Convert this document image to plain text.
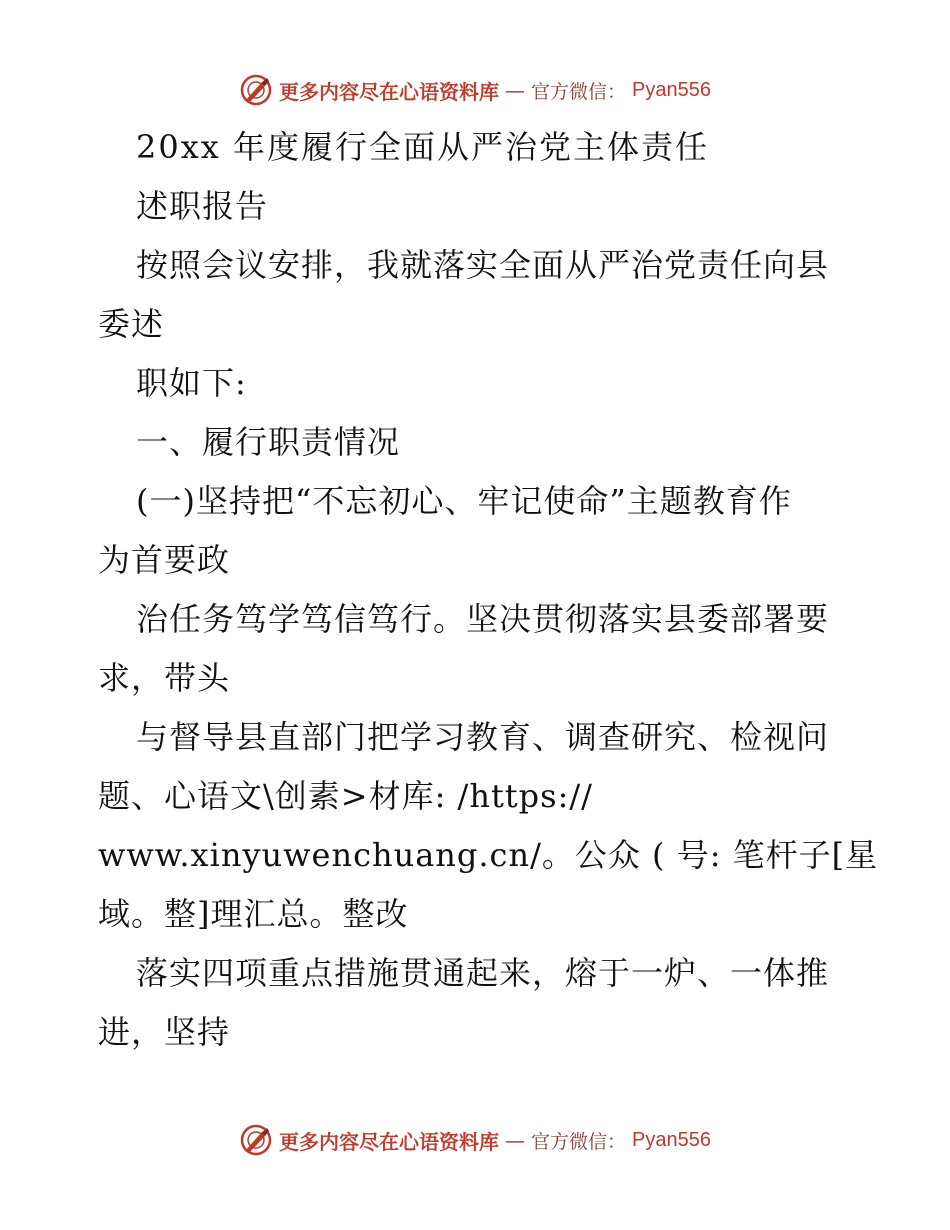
更多内容尽在心语资料库 — 官方微信： Pyan556
20xx 年度履行全面从严治党主体责任
述职报告
按照会议安排，我就落实全面从严治党责任向县
委述
职如下:
一、履行职责情况
(一)坚持把“不忘初心、牢记使命”主题教育作
为首要政
治任务笃学笃信笃行。坚决贯彻落实县委部署要
求，带头
与督导县直部门把学习教育、调查研究、检视问
题、心语文\创素>材库: /https://
www.xinyuwenchuang.cn/。公众 ( 号: 笔杆子[星
域。整]理汇总。整改
落实四项重点措施贯通起来，熔于一炉、一体推
进，坚持
更多内容尽在心语资料库 — 官方微信： Pyan556
